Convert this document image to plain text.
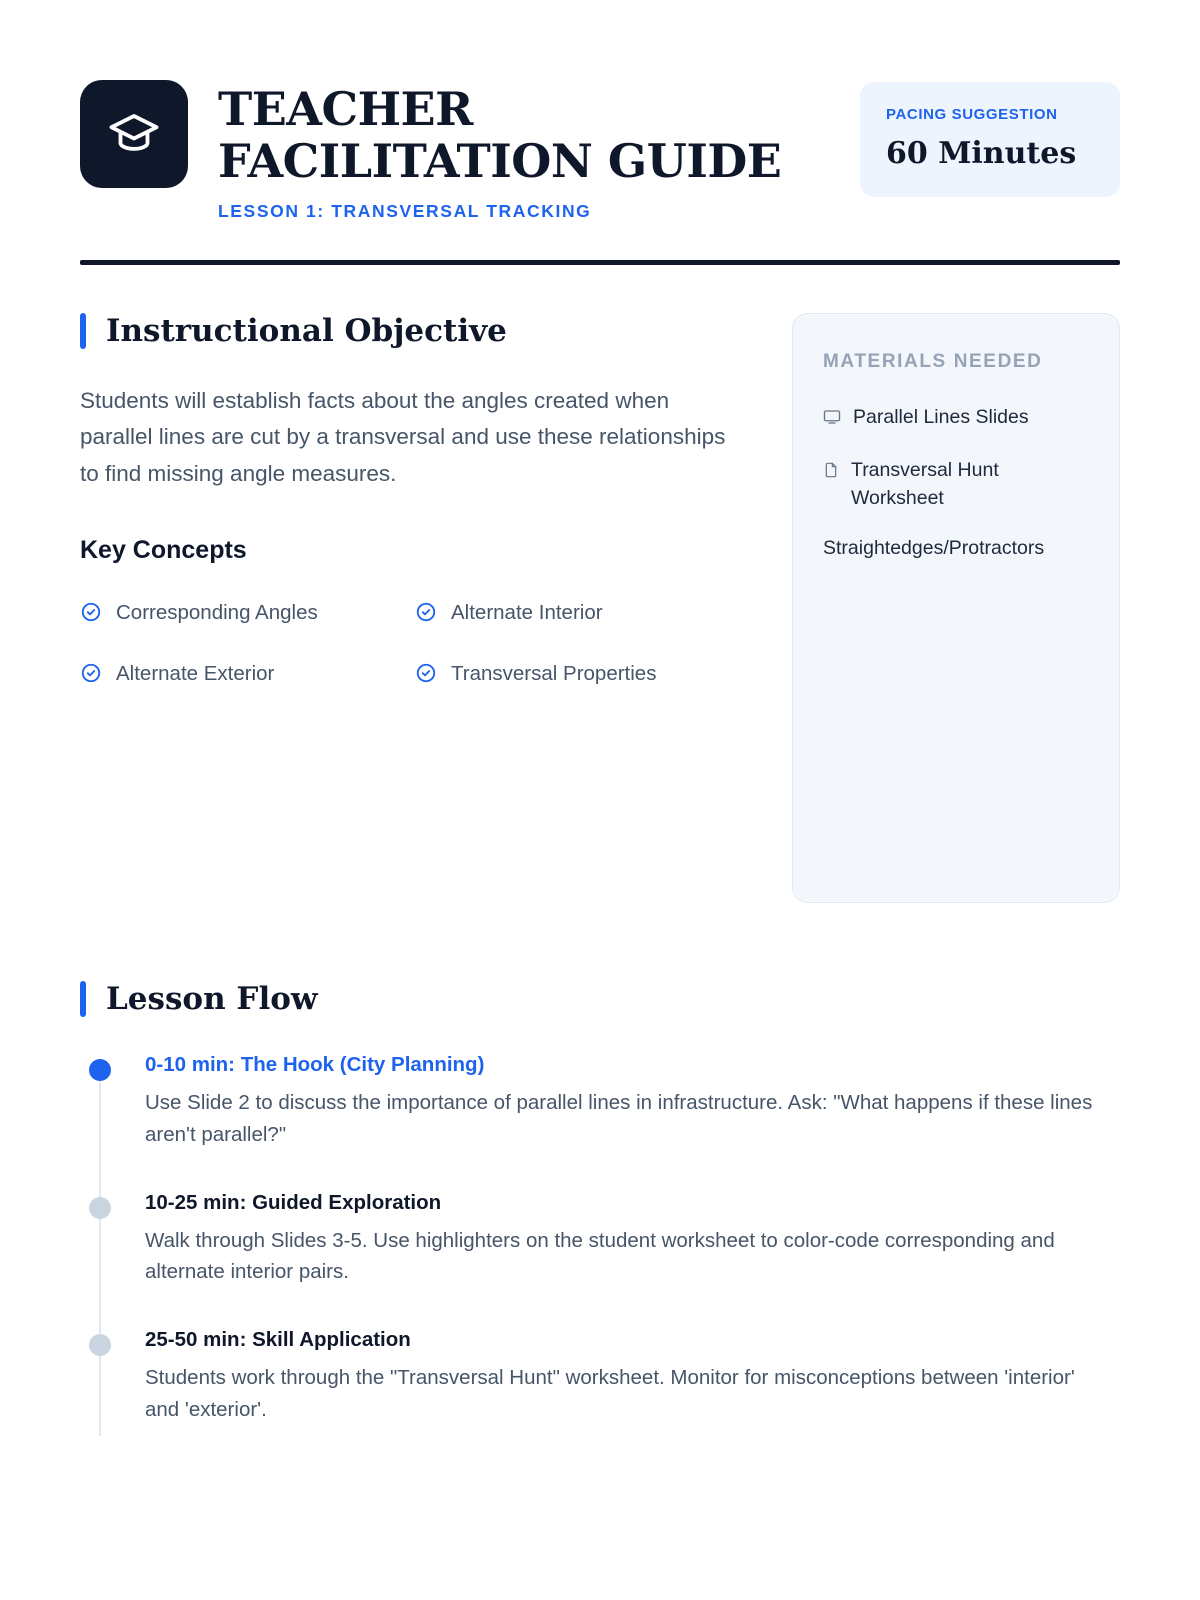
TEACHER FACILITATION GUIDE
LESSON 1: TRANSVERSAL TRACKING
PACING SUGGESTION
60 Minutes
Instructional Objective

Students will establish facts about the angles created when parallel lines are cut by a transversal and use these relationships to find missing angle measures.

Key Concepts
Corresponding Angles	Alternate Interior
Alternate Exterior	Transversal Properties
MATERIALS NEEDED
Parallel Lines Slides
Transversal Hunt Worksheet
Straightedges/Protractors
Lesson Flow
0-10 min: The Hook (City Planning)
Use Slide 2 to discuss the importance of parallel lines in infrastructure. Ask: "What happens if these lines aren't parallel?"
10-25 min: Guided Exploration
Walk through Slides 3-5. Use highlighters on the student worksheet to color-code corresponding and alternate interior pairs.
25-50 min: Skill Application
Students work through the "Transversal Hunt" worksheet. Monitor for misconceptions between 'interior' and 'exterior'.
